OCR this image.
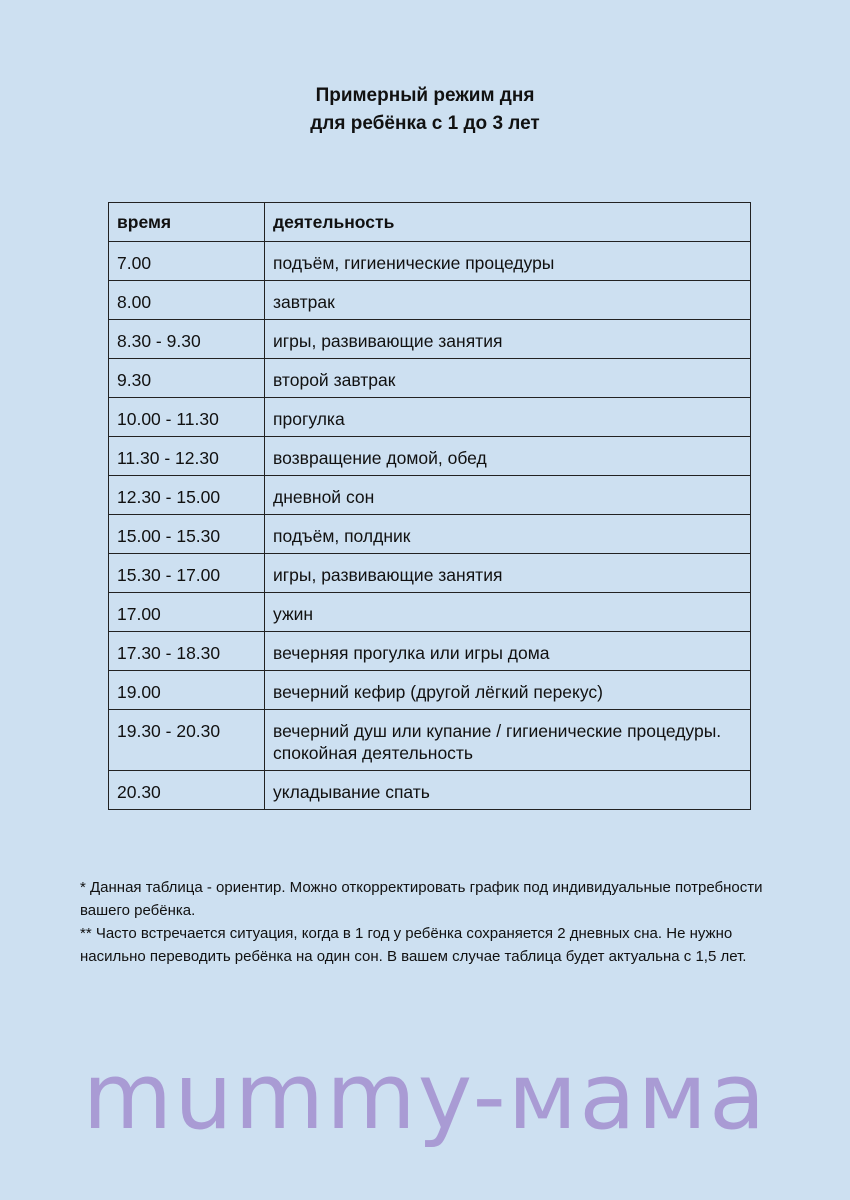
Примерный режим дня
для ребёнка с 1 до 3 лет
время	деятельность
7.00	подъём, гигиенические процедуры

8.00	завтрак

8.30 - 9.30	игры, развивающие занятия

9.30	второй завтрак

10.00 - 11.30	прогулка

11.30 - 12.30	возвращение домой, обед

12.30 - 15.00	дневной сон

15.00 - 15.30	подъём, полдник

15.30 - 17.00	игры, развивающие занятия

17.00	ужин

17.30 - 18.30	вечерняя прогулка или игры дома

19.00	вечерний кефир (другой лёгкий перекус)

19.30 - 20.30	вечерний душ или купание / гигиенические процедуры.
спокойная деятельность

20.30	укладывание спать

* Данная таблица - ориентир. Можно откорректировать график под индивидуальные потребности вашего ребёнка.

** Часто встречается ситуация, когда в 1 год у ребёнка сохраняется 2 дневных сна. Не нужно насильно переводить ребёнка на один сон. В вашем случае таблица будет актуальна с 1,5 лет.

mummy-мама
